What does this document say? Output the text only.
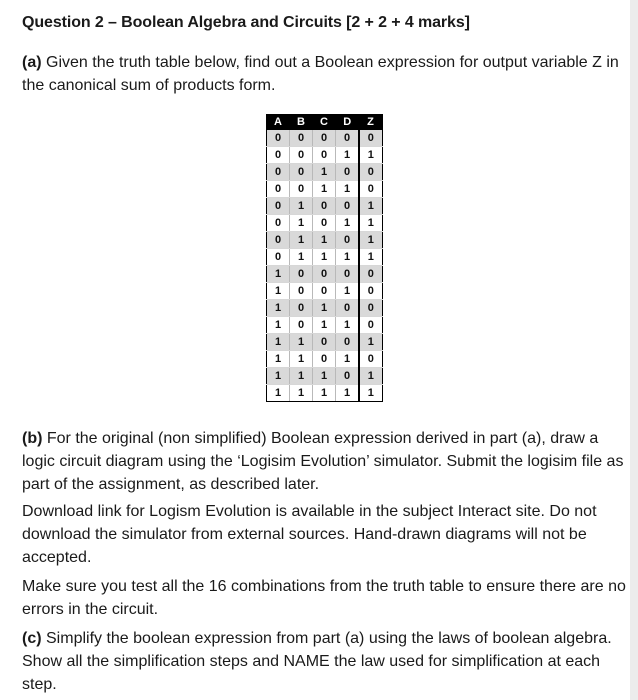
Question 2 – Boolean Algebra and Circuits [2 + 2 + 4 marks]
(a) Given the truth table below, find out a Boolean expression for output variable Z in the canonical sum of products form.
A	B	C	D	Z
0	0	0	0	0
0	0	0	1	1
0	0	1	0	0
0	0	1	1	0
0	1	0	0	1
0	1	0	1	1
0	1	1	0	1
0	1	1	1	1
1	0	0	0	0
1	0	0	1	0
1	0	1	0	0
1	0	1	1	0
1	1	0	0	1
1	1	0	1	0
1	1	1	0	1
1	1	1	1	1
(b) For the original (non simplified) Boolean expression derived in part (a), draw a logic circuit diagram using the ‘Logisim Evolution’ simulator. Submit the logisim file as part of the assignment, as described later.
Download link for Logism Evolution is available in the subject Interact site. Do not download the simulator from external sources. Hand-drawn diagrams will not be accepted.
Make sure you test all the 16 combinations from the truth table to ensure there are no errors in the circuit.
(c) Simplify the boolean expression from part (a) using the laws of boolean algebra. Show all the simplification steps and NAME the law used for simplification at each step.
